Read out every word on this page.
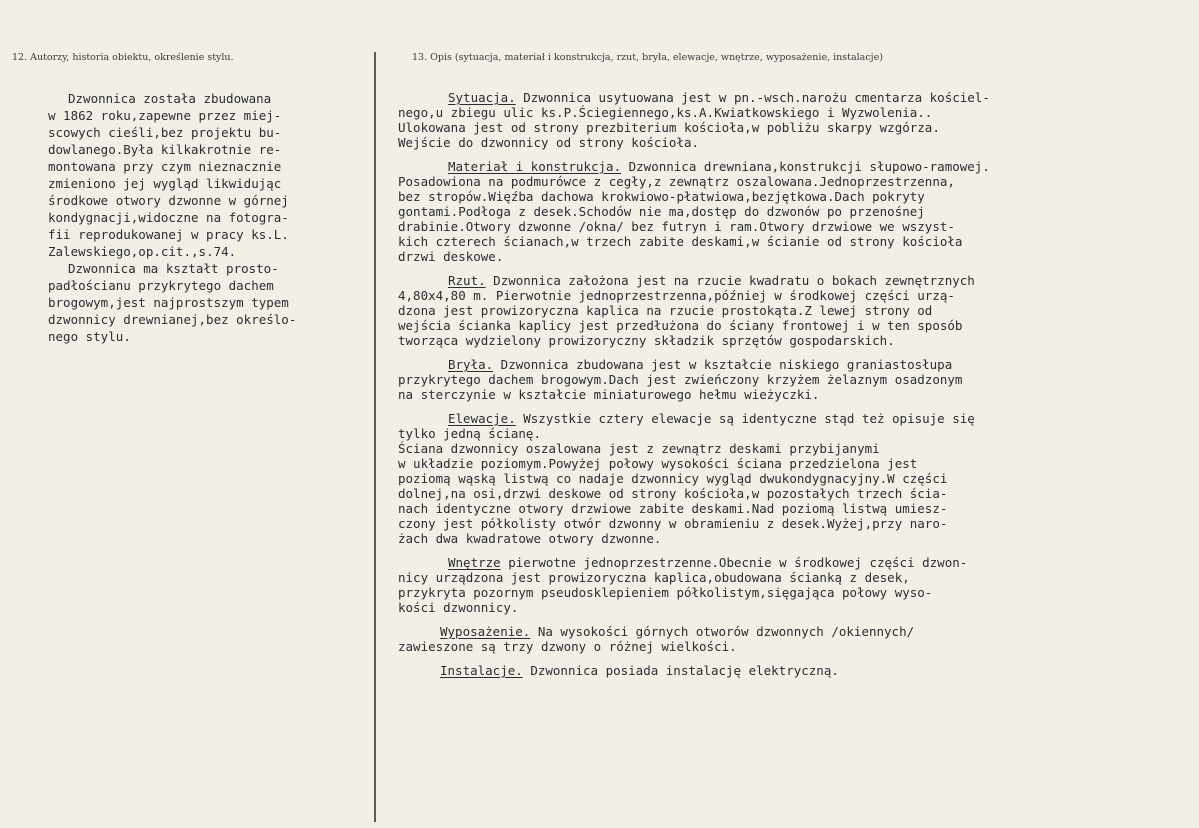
12. Autorzy, historia obiektu, określenie stylu.	13. Opis (sytuacja, materiał i konstrukcja, rzut, bryła, elewacje, wnętrze, wyposażenie, instalacje)
Dzwonnica została zbudowana
w 1862 roku,zapewne przez miej-
scowych cieśli,bez projektu bu-
dowlanego.Była kilkakrotnie re-
montowana przy czym nieznacznie
zmieniono jej wygląd likwidując
środkowe otwory dzwonne w górnej
kondygnacji,widoczne na fotogra-
fii reprodukowanej w pracy ks.L.
Zalewskiego,op.cit.,s.74.
Dzwonnica ma kształt prosto-
padłościanu przykrytego dachem
brogowym,jest najprostszym typem
dzwonnicy drewnianej,bez określo-
nego stylu.
Sytuacja. Dzwonnica usytuowana jest w pn.-wsch.narożu cmentarza kościel-
nego,u zbiegu ulic ks.P.Ściegiennego,ks.A.Kwiatkowskiego i Wyzwolenia..
Ulokowana jest od strony prezbiterium kościoła,w pobliżu skarpy wzgórza.
Wejście do dzwonnicy od strony kościoła.
Materiał i konstrukcja. Dzwonnica drewniana,konstrukcji słupowo-ramowej.
Posadowiona na podmurówce z cegły,z zewnątrz oszalowana.Jednoprzestrzenna,
bez stropów.Więźba dachowa krokwiowo-płatwiowa,bezjętkowa.Dach pokryty
gontami.Podłoga z desek.Schodów nie ma,dostęp do dzwonów po przenośnej
drabinie.Otwory dzwonne /okna/ bez futryn i ram.Otwory drzwiowe we wszyst-
kich czterech ścianach,w trzech zabite deskami,w ścianie od strony kościoła
drzwi deskowe.
Rzut. Dzwonnica założona jest na rzucie kwadratu o bokach zewnętrznych
4,80x4,80 m. Pierwotnie jednoprzestrzenna,później w środkowej części urzą-
dzona jest prowizoryczna kaplica na rzucie prostokąta.Z lewej strony od
wejścia ścianka kaplicy jest przedłużona do ściany frontowej i w ten sposób
tworząca wydzielony prowizoryczny składzik sprzętów gospodarskich.
Bryła. Dzwonnica zbudowana jest w kształcie niskiego graniastosłupa
przykrytego dachem brogowym.Dach jest zwieńczony krzyżem żelaznym osadzonym
na sterczynie w kształcie miniaturowego hełmu wieżyczki.
Elewacje. Wszystkie cztery elewacje są identyczne stąd też opisuje się
tylko jedną ścianę.
Ściana dzwonnicy oszalowana jest z zewnątrz deskami przybijanymi
w układzie poziomym.Powyżej połowy wysokości ściana przedzielona jest
poziomą wąską listwą co nadaje dzwonnicy wygląd dwukondygnacyjny.W części
dolnej,na osi,drzwi deskowe od strony kościoła,w pozostałych trzech ścia-
nach identyczne otwory drzwiowe zabite deskami.Nad poziomą listwą umiesz-
czony jest półkolisty otwór dzwonny w obramieniu z desek.Wyżej,przy naro-
żach dwa kwadratowe otwory dzwonne.
Wnętrze pierwotne jednoprzestrzenne.Obecnie w środkowej części dzwon-
nicy urządzona jest prowizoryczna kaplica,obudowana ścianką z desek,
przykryta pozornym pseudosklepieniem półkolistym,sięgająca połowy wyso-
kości dzwonnicy.
Wyposażenie. Na wysokości górnych otworów dzwonnych /okiennych/
zawieszone są trzy dzwony o różnej wielkości.
Instalacje. Dzwonnica posiada instalację elektryczną.
